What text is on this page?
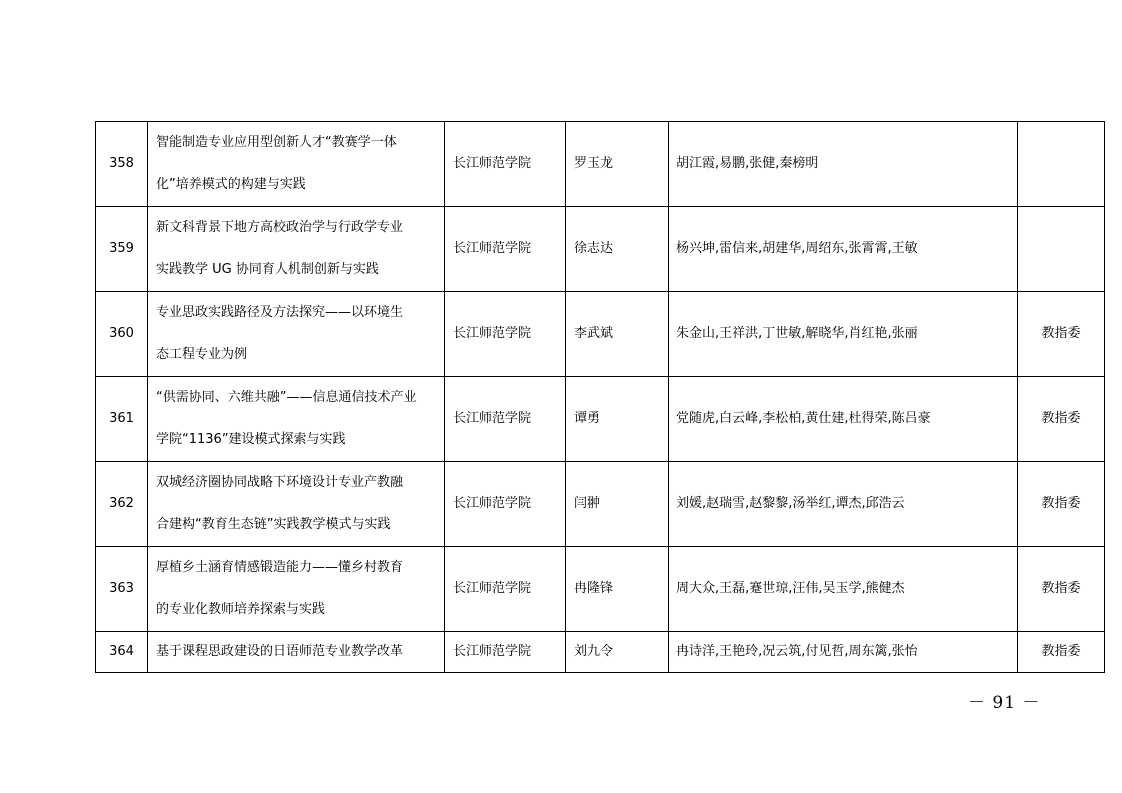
358	智能制造专业应用型创新人才“教赛学一体
化”培养模式的构建与实践	长江师范学院	罗玉龙	胡江霞,易鹏,张健,秦榜明	
359	新文科背景下地方高校政治学与行政学专业
实践教学 UG 协同育人机制创新与实践	长江师范学院	徐志达	杨兴坤,雷信来,胡建华,周绍东,张霄霄,王敏	
360	专业思政实践路径及方法探究——以环境生
态工程专业为例	长江师范学院	李武斌	朱金山,王祥洪,丁世敏,解晓华,肖红艳,张丽	教指委
361	“供需协同、六维共融”——信息通信技术产业
学院“1136”建设模式探索与实践	长江师范学院	谭勇	党随虎,白云峰,李松柏,黄仕建,杜得荣,陈吕豪	教指委
362	双城经济圈协同战略下环境设计专业产教融
合建构“教育生态链”实践教学模式与实践	长江师范学院	闫翀	刘媛,赵瑞雪,赵黎黎,汤举红,谭杰,邱浩云	教指委
363	厚植乡土涵育情感锻造能力——懂乡村教育
的专业化教师培养探索与实践	长江师范学院	冉隆锋	周大众,王磊,蹇世琼,汪伟,吴玉学,熊健杰	教指委
364	基于课程思政建设的日语师范专业教学改革	长江师范学院	刘九令	冉诗洋,王艳玲,况云筑,付见哲,周东篱,张怡	教指委
－ 91 －
